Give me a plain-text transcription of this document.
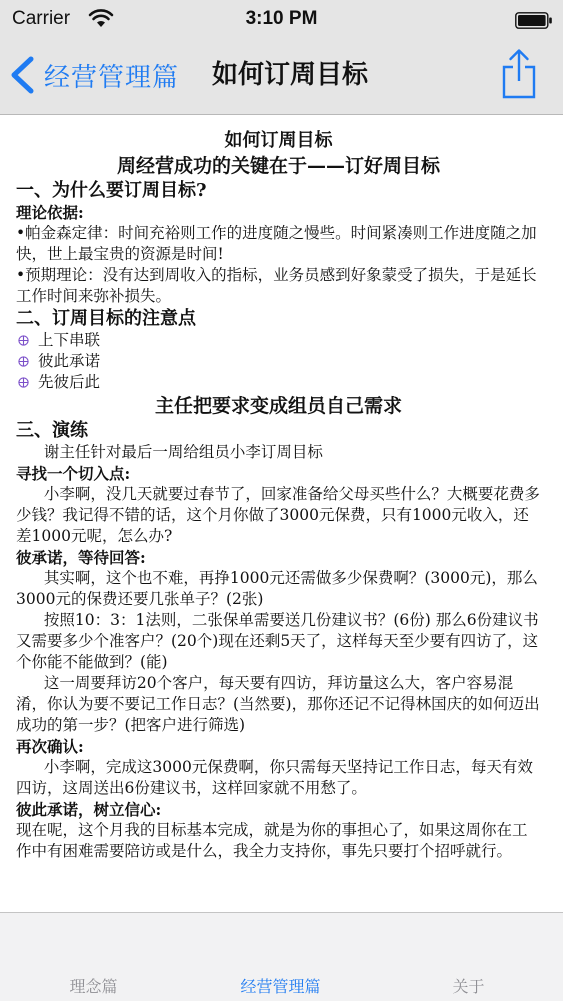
Carrier	3:10 PM
经营管理篇 如何订周目标
如何订周目标
周经营成功的关键在于——订好周目标
一、为什么要订周目标?
理论依据:

•帕金森定律：时间充裕则工作的进度随之慢些。时间紧凑则工作进度随之加快，世上最宝贵的资源是时间!

•预期理论：没有达到周收入的指标，业务员感到好象蒙受了损失，于是延长工作时间来弥补损失。

二、订周目标的注意点
上下串联
彼此承诺
先彼后此
主任把要求变成组员自己需求
三、演练

谢主任针对最后一周给组员小李订周目标

寻找一个切入点:

小李啊，没几天就要过春节了，回家准备给父母买些什么？大概要花费多少钱？我记得不错的话，这个月你做了3000元保费，只有1000元收入，还差1000元呢，怎么办?

彼承诺，等待回答:

其实啊，这个也不难，再挣1000元还需做多少保费啊？(3000元)，那么3000元的保费还要几张单子？(2张)

按照10：3：1法则，二张保单需要送几份建议书？(6份) 那么6份建议书又需要多少个准客户？(20个)现在还剩5天了，这样每天至少要有四访了，这个你能不能做到？(能)

这一周要拜访20个客户，每天要有四访，拜访量这么大，客户容易混淆，你认为要不要记工作日志？(当然要)，那你还记不记得林国庆的如何迈出成功的第一步？(把客户进行筛选)

再次确认:

小李啊，完成这3000元保费啊，你只需每天坚持记工作日志，每天有效四访，这周送出6份建议书，这样回家就不用愁了。

彼此承诺，树立信心:

现在呢，这个月我的目标基本完成，就是为你的事担心了，如果这周你在工作中有困难需要陪访或是什么，我全力支持你，事先只要打个招呼就行。

理念篇	经营管理篇	关于
